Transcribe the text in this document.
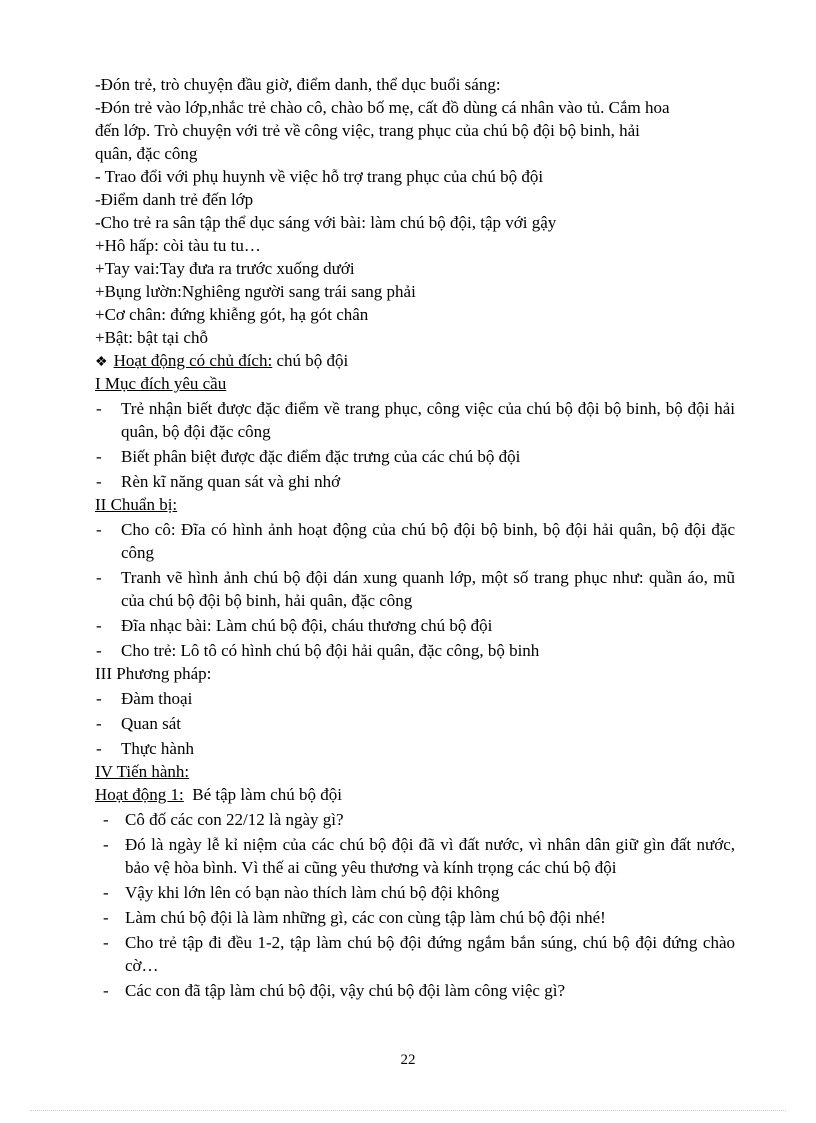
-Đón trẻ, trò chuyện đầu giờ, điểm danh, thể dục buổi sáng:
-Đón trẻ vào lớp,nhắc trẻ chào cô, chào bố mẹ, cất đồ dùng cá nhân vào tủ. Cắm hoa
đến lớp. Trò chuyện với trẻ về công việc, trang phục của chú bộ đội bộ binh, hải
quân, đặc công
- Trao đổi với phụ huynh về việc hỗ trợ trang phục của chú bộ đội
-Điểm danh trẻ đến lớp
-Cho trẻ ra sân tập thể dục sáng với bài: làm chú bộ đội, tập với gậy
+Hô hấp: còi tàu tu tu…
+Tay vai:Tay đưa ra trước xuống dưới
+Bụng lườn:Nghiêng người sang trái sang phải
+Cơ chân: đứng khiễng gót, hạ gót chân
+Bật: bật tại chỗ
❖ Hoạt động có chủ đích: chú bộ đội
I Mục đích yêu cầu
- Trẻ nhận biết được đặc điểm về trang phục, công việc của chú bộ đội bộ binh, bộ đội hải quân, bộ đội đặc công
- Biết phân biệt được đặc điểm đặc trưng của các chú bộ đội
- Rèn kĩ năng quan sát và ghi nhớ
II Chuẩn bị:
- Cho cô: Đĩa có hình ảnh hoạt động của chú bộ đội bộ binh, bộ đội hải quân, bộ đội đặc công
- Tranh vẽ hình ảnh chú bộ đội dán xung quanh lớp, một số trang phục như: quần áo, mũ của chú bộ đội bộ binh, hải quân, đặc công
- Đĩa nhạc bài: Làm chú bộ đội, cháu thương chú bộ đội
- Cho trẻ: Lô tô có hình chú bộ đội hải quân, đặc công, bộ binh
III Phương pháp:
- Đàm thoại
- Quan sát
- Thực hành
IV Tiến hành:
Hoạt động 1:  Bé tập làm chú bộ đội
- Cô đố các con 22/12 là ngày gì?
- Đó là ngày lễ kỉ niệm của các chú bộ đội đã vì đất nước, vì nhân dân giữ gìn đất nước, bảo vệ hòa bình. Vì thế ai cũng yêu thương và kính trọng các chú bộ đội
- Vậy khi lớn lên có bạn nào thích làm chú bộ đội không
- Làm chú bộ đội là làm những gì, các con cùng tập làm chú bộ đội nhé!
- Cho trẻ tập đi đều 1-2, tập làm chú bộ đội đứng ngắm bắn súng, chú bộ đội đứng chào cờ…
- Các con đã tập làm chú bộ đội, vậy chú bộ đội làm công việc gì?
22
